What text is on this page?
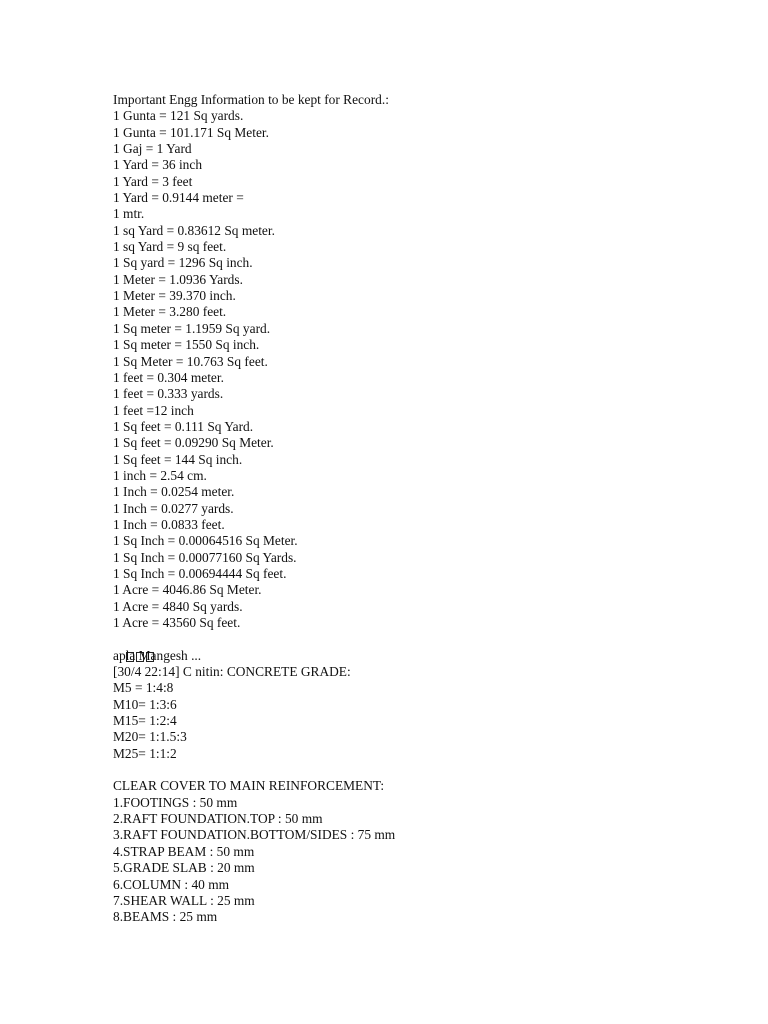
Important Engg Information to be kept for Record.:
1 Gunta = 121 Sq yards.
1 Gunta = 101.171 Sq Meter.
1 Gaj = 1 Yard
1 Yard = 36 inch
1 Yard = 3 feet
1 Yard = 0.9144 meter =
1 mtr.
1 sq Yard = 0.83612 Sq meter.
1 sq Yard = 9 sq feet.
1 Sq yard = 1296 Sq inch.
1 Meter = 1.0936 Yards.
1 Meter = 39.370 inch.
1 Meter = 3.280 feet.
1 Sq meter = 1.1959 Sq yard.
1 Sq meter = 1550 Sq inch.
1 Sq Meter = 10.763 Sq feet.
1 feet = 0.304 meter.
1 feet = 0.333 yards.
1 feet =12 inch
1 Sq feet = 0.111 Sq Yard.
1 Sq feet = 0.09290 Sq Meter.
1 Sq feet = 144 Sq inch.
1 inch = 2.54 cm.
1 Inch = 0.0254 meter.
1 Inch = 0.0277 yards.
1 Inch = 0.0833 feet.
1 Sq Inch = 0.00064516 Sq Meter.
1 Sq Inch = 0.00077160 Sq Yards.
1 Sq Inch = 0.00694444 Sq feet.
1 Acre = 4046.86 Sq Meter.
1 Acre = 4840 Sq yards.
1 Acre = 43560 Sq feet.

apla Mangesh ...
[30/4 22:14] C nitin: CONCRETE GRADE:
M5 = 1:4:8
M10= 1:3:6
M15= 1:2:4
M20= 1:1.5:3
M25= 1:1:2
CLEAR COVER TO MAIN REINFORCEMENT:
1.FOOTINGS : 50 mm
2.RAFT FOUNDATION.TOP : 50 mm
3.RAFT FOUNDATION.BOTTOM/SIDES : 75 mm
4.STRAP BEAM : 50 mm
5.GRADE SLAB : 20 mm
6.COLUMN : 40 mm
7.SHEAR WALL : 25 mm
8.BEAMS : 25 mm
